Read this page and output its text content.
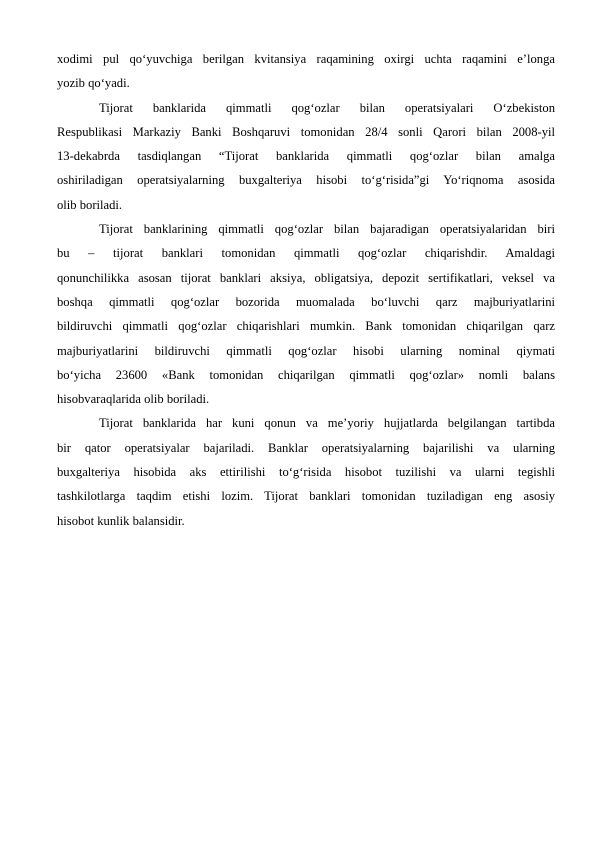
xodimi pul qo‘yuvchiga berilgan kvitansiya raqamining oxirgi uchta raqamini e’longa
yozib qo‘yadi.

Tijorat banklarida qimmatli qog‘ozlar bilan operatsiyalari O‘zbekiston
Respublikasi Markaziy Banki Boshqaruvi tomonidan 28/4 sonli Qarori bilan 2008-yil
13-dekabrda tasdiqlangan “Tijorat banklarida qimmatli qog‘ozlar bilan amalga
oshiriladigan operatsiyalarning buxgalteriya hisobi to‘g‘risida”gi Yo‘riqnoma asosida
olib boriladi.

Tijorat banklarining qimmatli qog‘ozlar bilan bajaradigan operatsiyalaridan biri
bu – tijorat banklari tomonidan qimmatli qog‘ozlar chiqarishdir. Amaldagi
qonunchilikka asosan tijorat banklari aksiya, obligatsiya, depozit sertifikatlari, veksel va
boshqa qimmatli qog‘ozlar bozorida muomalada bo‘luvchi qarz majburiyatlarini
bildiruvchi qimmatli qog‘ozlar chiqarishlari mumkin. Bank tomonidan chiqarilgan qarz
majburiyatlarini bildiruvchi qimmatli qog‘ozlar hisobi ularning nominal qiymati
bo‘yicha 23600 «Bank tomonidan chiqarilgan qimmatli qog‘ozlar» nomli balans
hisobvaraqlarida olib boriladi.

Tijorat banklarida har kuni qonun va me’yoriy hujjatlarda belgilangan tartibda
bir qator operatsiyalar bajariladi. Banklar operatsiyalarning bajarilishi va ularning
buxgalteriya hisobida aks ettirilishi to‘g‘risida hisobot tuzilishi va ularni tegishli
tashkilotlarga taqdim etishi lozim. Tijorat banklari tomonidan tuziladigan eng asosiy
hisobot kunlik balansidir.
